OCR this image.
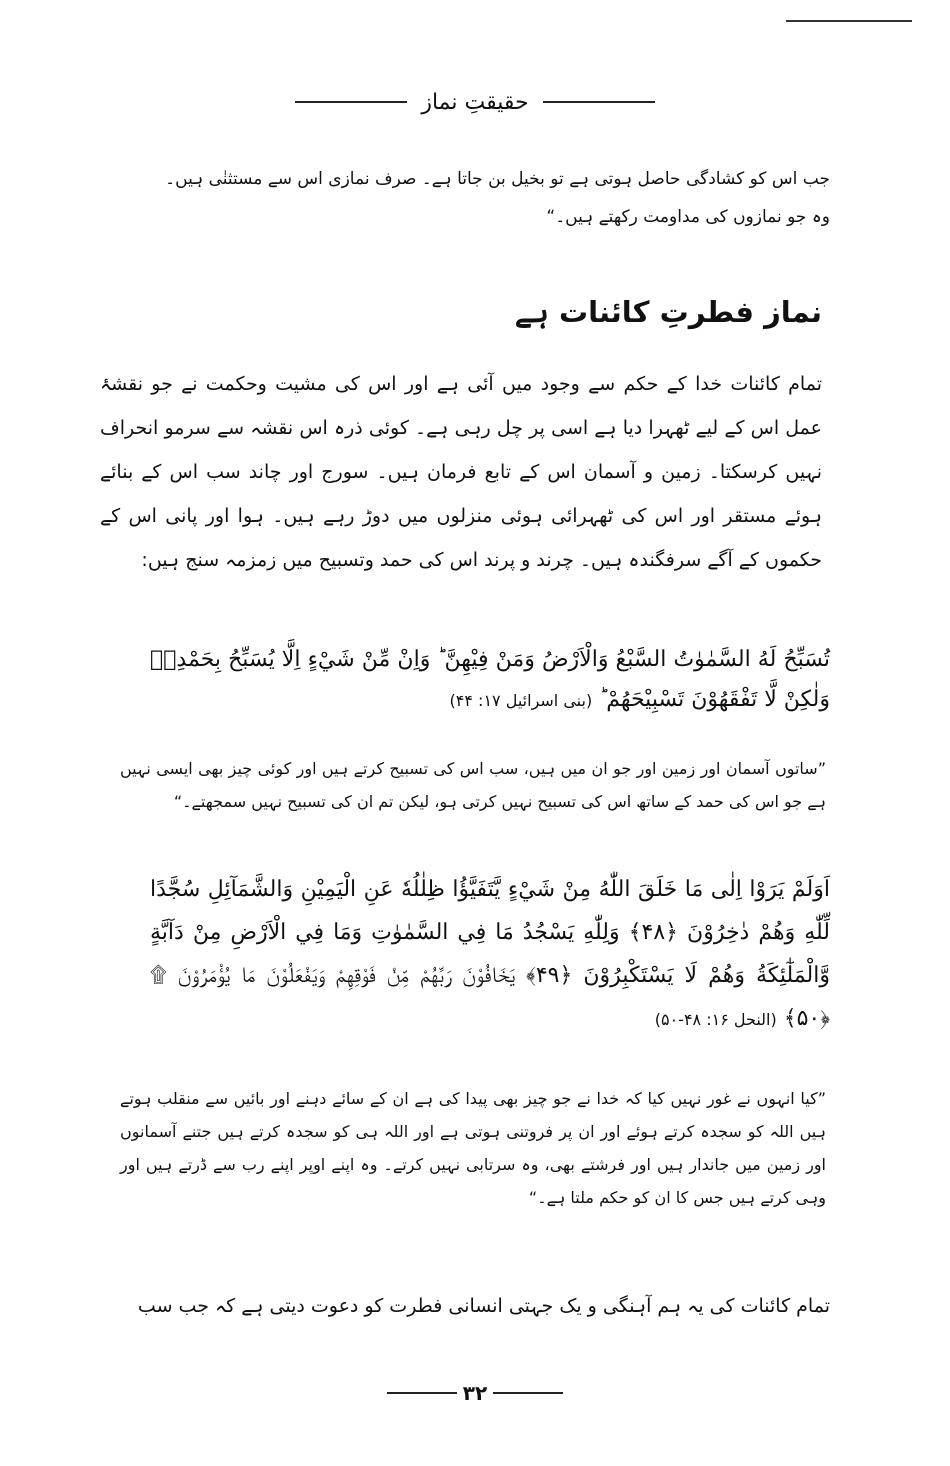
حقیقتِ نماز
جب اس کو کشادگی حاصل ہوتی ہے تو بخیل بن جاتا ہے۔ صرف نمازی اس سے مستثنٰی ہیں۔
وہ جو نمازوں کی مداومت رکھتے ہیں۔“
نماز فطرتِ کائنات ہے
تمام کائنات خدا کے حکم سے وجود میں آئی ہے اور اس کی مشیت وحکمت نے جو نقشۂ عمل اس کے لیے ٹھہرا دیا ہے اسی پر چل رہی ہے۔ کوئی ذرہ اس نقشہ سے سرمو انحراف نہیں کرسکتا۔ زمین و آسمان اس کے تابع فرمان ہیں۔ سورج اور چاند سب اس کے بنائے ہوئے مستقر اور اس کی ٹھہرائی ہوئی منزلوں میں دوڑ رہے ہیں۔ ہوا اور پانی اس کے حکموں کے آگے سرفگندہ ہیں۔ چرند و پرند اس کی حمد وتسبیح میں زمزمہ سنج ہیں:
تُسَبِّحُ لَهُ السَّمٰوٰتُ السَّبْعُ وَالْاَرْضُ وَمَنْ فِيْهِنَّ ؕ وَاِنْ مِّنْ شَيْءٍ اِلَّا يُسَبِّحُ بِحَمْدِهٖ وَلٰكِنْ لَّا تَفْقَهُوْنَ تَسْبِيْحَهُمْ ؕ (بنی اسرائیل ۱۷: ۴۴)
”ساتوں آسمان اور زمین اور جو ان میں ہیں، سب اس کی تسبیح کرتے ہیں اور کوئی چیز بھی ایسی نہیں ہے جو اس کی حمد کے ساتھ اس کی تسبیح نہیں کرتی ہو، لیکن تم ان کی تسبیح نہیں سمجھتے۔“
اَوَلَمْ يَرَوْا اِلٰى مَا خَلَقَ اللّٰهُ مِنْ شَيْءٍ يَّتَفَيَّؤُا ظِلٰلُهٗ عَنِ الْيَمِيْنِ وَالشَّمَآئِلِ سُجَّدًا لِّلّٰهِ وَهُمْ دٰخِرُوْنَ ﴿۴۸﴾ وَلِلّٰهِ يَسْجُدُ مَا فِي السَّمٰوٰتِ وَمَا فِي الْاَرْضِ مِنْ دَآبَّةٍ وَّالْمَلٰٓئِكَةُ وَهُمْ لَا يَسْتَكْبِرُوْنَ ﴿۴۹﴾ يَخَافُوْنَ رَبَّهُمْ مِّنْ فَوْقِهِمْ وَيَفْعَلُوْنَ مَا يُؤْمَرُوْنَ ۩ ﴿۵۰﴾ (النحل ۱۶: ۴۸-۵۰)
”کیا انہوں نے غور نہیں کیا کہ خدا نے جو چیز بھی پیدا کی ہے ان کے سائے دہنے اور بائیں سے منقلب ہوتے ہیں اللہ کو سجدہ کرتے ہوئے اور ان پر فروتنی ہوتی ہے اور اللہ ہی کو سجدہ کرتے ہیں جتنے آسمانوں اور زمین میں جاندار ہیں اور فرشتے بھی، وہ سرتابی نہیں کرتے۔ وہ اپنے اوپر اپنے رب سے ڈرتے ہیں اور وہی کرتے ہیں جس کا ان کو حکم ملتا ہے۔“
تمام کائنات کی یہ ہم آہنگی و یک جہتی انسانی فطرت کو دعوت دیتی ہے کہ جب سب
۳۲
